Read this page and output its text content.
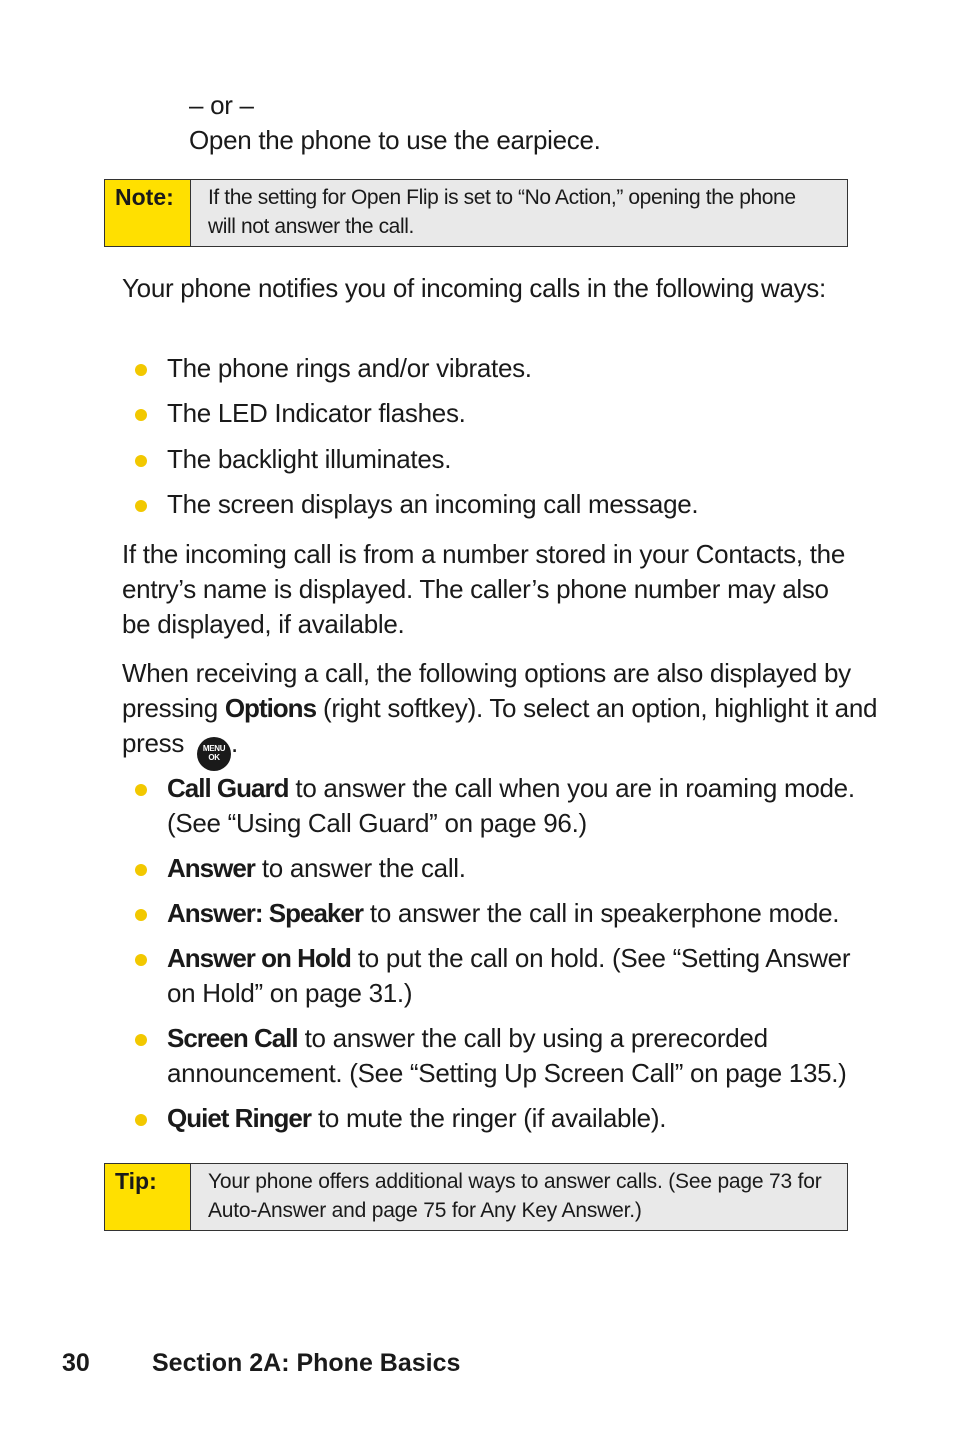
– or –
Open the phone to use the earpiece.
Note:	If the setting for Open Flip is set to “No Action,” opening the phone will not answer the call.
Your phone notifies you of incoming calls in the following ways:
The phone rings and/or vibrates.
The LED Indicator flashes.
The backlight illuminates.
The screen displays an incoming call message.
If the incoming call is from a number stored in your Contacts, the entry’s name is displayed. The caller’s phone number may also be displayed, if available.
When receiving a call, the following options are also displayed by pressing Options (right softkey). To select an option, highlight it and press MENU
OK .
Call Guard to answer the call when you are in roaming mode. (See “Using Call Guard” on page 96.)
Answer to answer the call.
Answer: Speaker to answer the call in speakerphone mode.
Answer on Hold to put the call on hold. (See “Setting Answer on Hold” on page 31.)
Screen Call to answer the call by using a prerecorded announcement. (See “Setting Up Screen Call” on page 135.)
Quiet Ringer to mute the ringer (if available).
Tip:	Your phone offers additional ways to answer calls. (See page 73 for Auto-Answer and page 75 for Any Key Answer.)
30 Section 2A: Phone Basics
